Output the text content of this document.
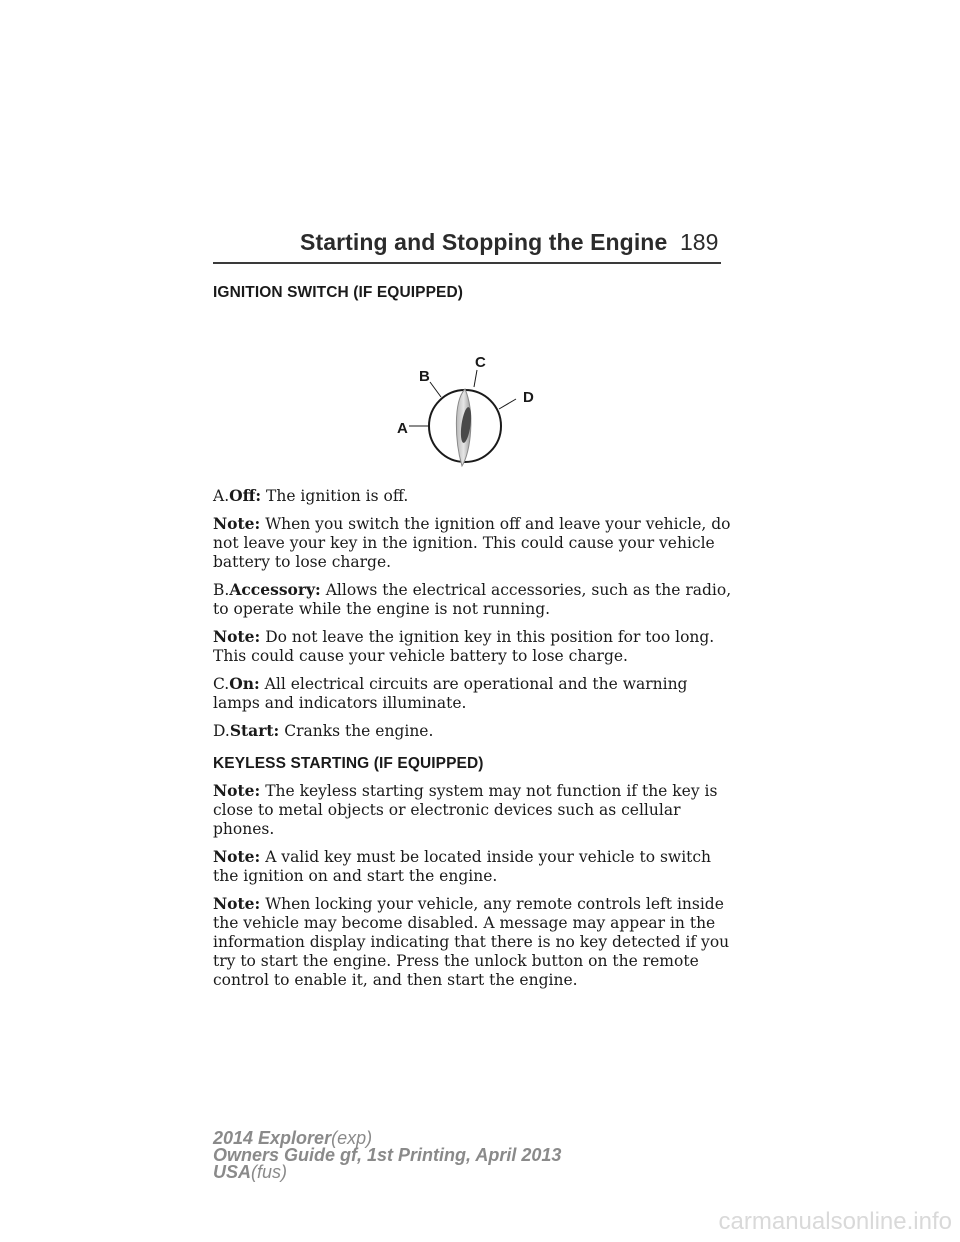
Starting and Stopping the Engine 189
IGNITION SWITCH (IF EQUIPPED)
A
B
C
D

A.Off: The ignition is off.

Note: When you switch the ignition off and leave your vehicle, do not leave your key in the ignition. This could cause your vehicle battery to lose charge.

B.Accessory: Allows the electrical accessories, such as the radio, to operate while the engine is not running.

Note: Do not leave the ignition key in this position for too long.
This could cause your vehicle battery to lose charge.

C.On: All electrical circuits are operational and the warning lamps and indicators illuminate.

D.Start: Cranks the engine.

KEYLESS STARTING (IF EQUIPPED)

Note: The keyless starting system may not function if the key is close to metal objects or electronic devices such as cellular phones.

Note: A valid key must be located inside your vehicle to switch the ignition on and start the engine.

Note: When locking your vehicle, any remote controls left inside the vehicle may become disabled. A message may appear in the information display indicating that there is no key detected if you try to start the engine. Press the unlock button on the remote control to enable it, and then start the engine.

2014 Explorer(exp)
Owners Guide gf, 1st Printing, April 2013
USA(fus)
carmanualsonline.info
